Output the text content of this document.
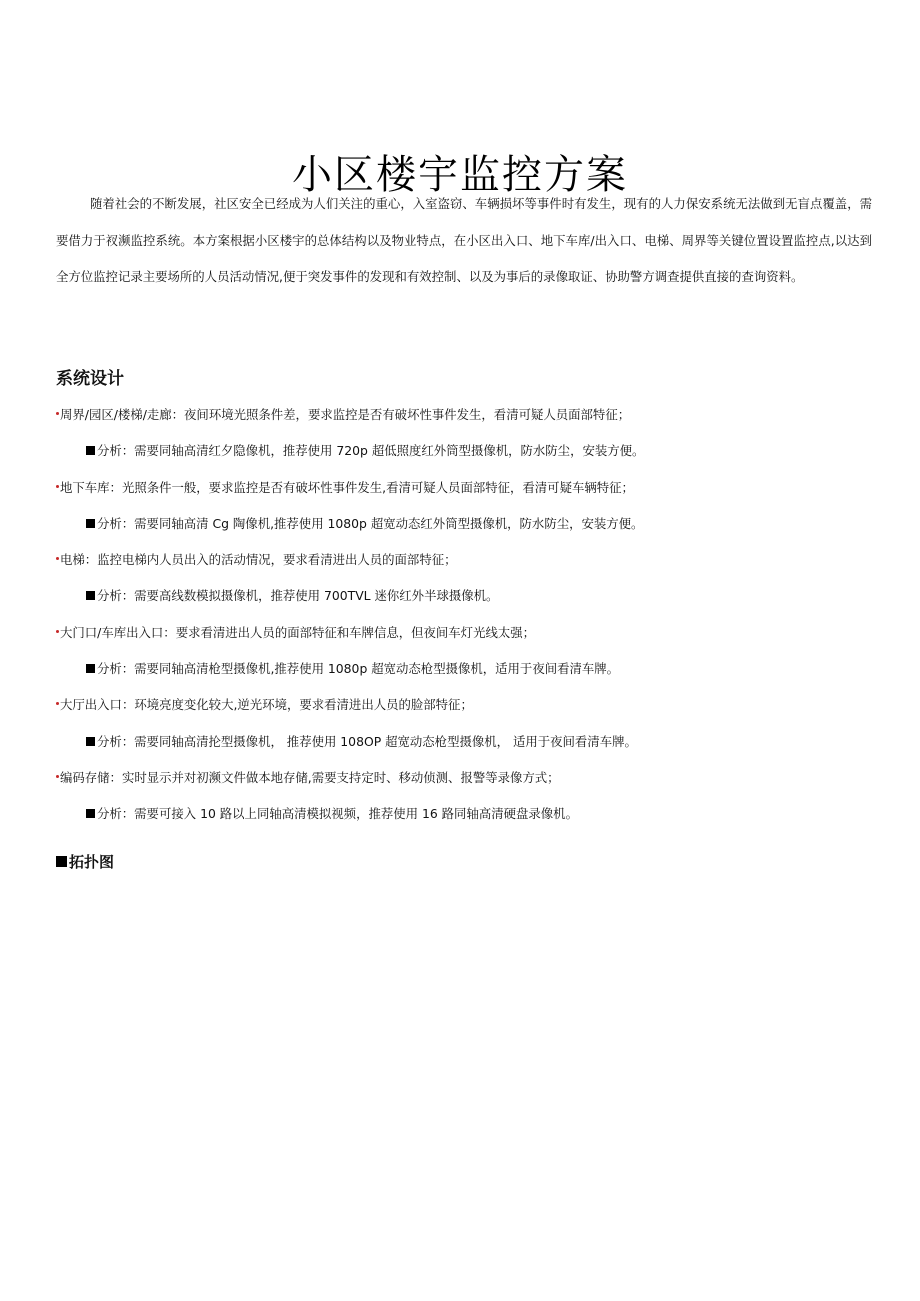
小区楼宇监控方案

随着社会的不断发展，社区安全已经成为人们关注的重心，入室盗窃、车辆损坏等事件时有发生，现有的人力保安系统无法做到无盲点覆盖，需要借力于衩濒监控系统。本方案根据小区楼宇的总体结构以及物业特点，在小区出入口、地下车库/出入口、电梯、周界等关键位置设置监控点,以达到全方位监控记录主要场所的人员活动情况,便于突发事件的发现和有效控制、以及为事后的录像取证、协助警方调查提供直接的查询资料。

系统设计
周界/园区/楼梯/走廊：夜间环境光照条件差，要求监控是否有破坏性事件发生，看清可疑人员面部特征；
分析：需要同轴高清红夕隐像机，推荐使用 720p 超低照度红外筒型摄像机，防水防尘，安装方便。
地下车库：光照条件一般，要求监控是否有破坏性事件发生,看清可疑人员面部特征，看清可疑车辆特征；
分析：需要同轴高清 Cg 陶像机,推荐使用 1080p 超宽动态红外筒型摄像机，防水防尘，安装方便。
电梯：监控电梯内人员出入的活动情况，要求看清进出人员的面部特征；
分析：需要高线数模拟摄像机，推荐使用 700TVL 迷你红外半球摄像机。
大门口/车库出入口：要求看清进出人员的面部特征和车牌信息，但夜间车灯光线太强；
分析：需要同轴高清枪型摄像机,推荐使用 1080p 超宽动态枪型摄像机，适用于夜间看清车牌。
大厅出入口：环境亮度变化较大,逆光环境，要求看清进出人员的脸部特征；
分析：需要同轴高清抡型摄像机， 推荐使用 108OP 超宽动态枪型摄像机， 适用于夜间看清车牌。
编码存储：实时显示并对初濒文件做本地存储,需要支持定时、移动侦测、报警等录像方式；
分析：需要可接入 10 路以上同轴高清模拟视频，推荐使用 16 路同轴高清硬盘录像机。
拓扑图
